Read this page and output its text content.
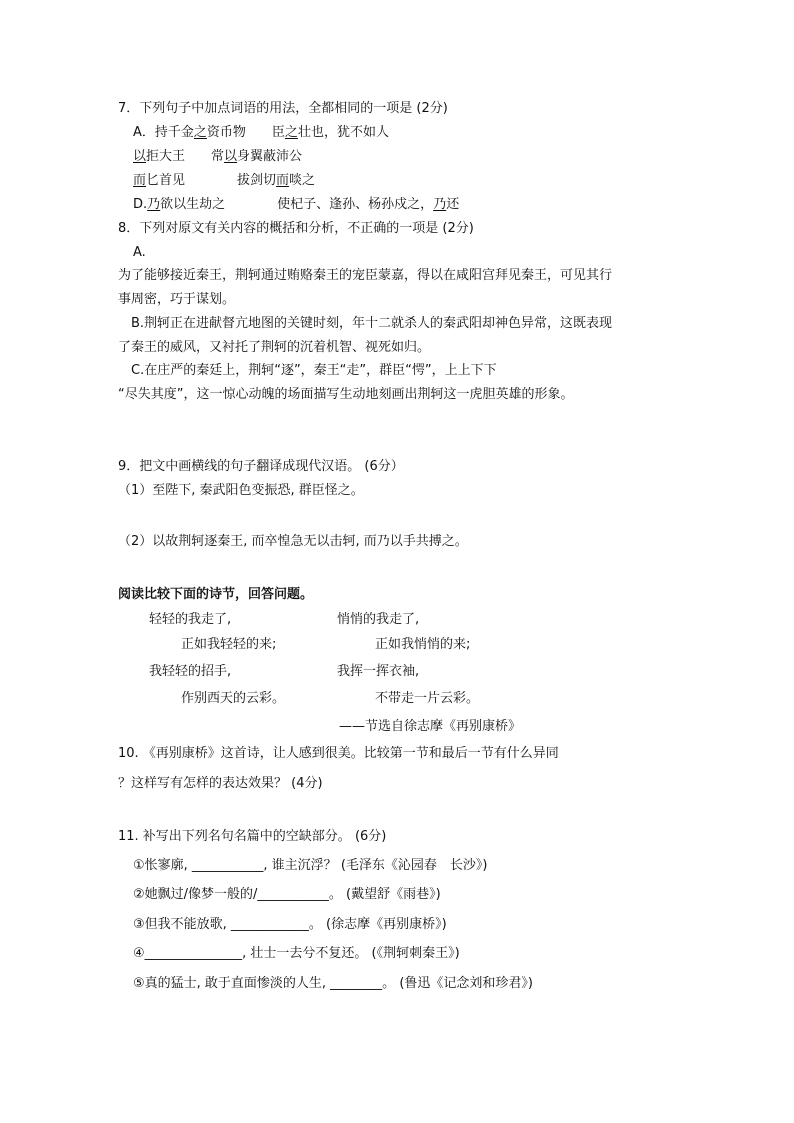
7．下列句子中加点词语的用法，全都相同的一项是 (2分)
A．持千金之资币物　　臣之壮也，犹不如人
以拒大王　　常以身翼蔽沛公
而匕首见　　　　拔剑切而啖之
D.乃欲以生劫之　　　　使杞子、逢孙、杨孙戍之，乃还
8．下列对原文有关内容的概括和分析，不正确的一项是 (2分)
A.
为了能够接近秦王，荆轲通过贿赂秦王的宠臣蒙嘉，得以在咸阳宫拜见秦王，可见其行
事周密，巧于谋划。
B.荆轲正在进献督亢地图的关键时刻，年十二就杀人的秦武阳却神色异常，这既表现
了秦王的威风，又衬托了荆轲的沉着机智、视死如归。
C.在庄严的秦廷上，荆轲“逐”，秦王“走”，群臣“愕”，上上下下
“尽失其度”，这一惊心动魄的场面描写生动地刻画出荆轲这一虎胆英雄的形象。
9．把文中画横线的句子翻译成现代汉语。 (6分）
（1）至陛下, 秦武阳色变振恐, 群臣怪之。
（2）以故荆轲逐秦王, 而卒惶急无以击轲, 而乃以手共搏之。
阅读比较下面的诗节，回答问题。
轻轻的我走了,	悄悄的我走了,
正如我轻轻的来;	正如我悄悄的来;
我轻轻的招手,	我挥一挥衣袖,
作别西天的云彩。	不带走一片云彩。
——节选自徐志摩《再别康桥》
10. 《再别康桥》这首诗，让人感到很美。比较第一节和最后一节有什么异同
？这样写有怎样的表达效果？ (4分)
11. 补写出下列名句名篇中的空缺部分。 (6分)
①怅寥廓, ___________, 谁主沉浮？ (毛泽东《沁园春　长沙》)
②她飘过/像梦一般的/___________。 (戴望舒《雨巷》)
③但我不能放歌, ____________。 (徐志摩《再别康桥》)
④_______________, 壮士一去兮不复还。 (《荆轲刺秦王》)
⑤真的猛士, 敢于直面惨淡的人生, ________。 (鲁迅《记念刘和珍君》)
